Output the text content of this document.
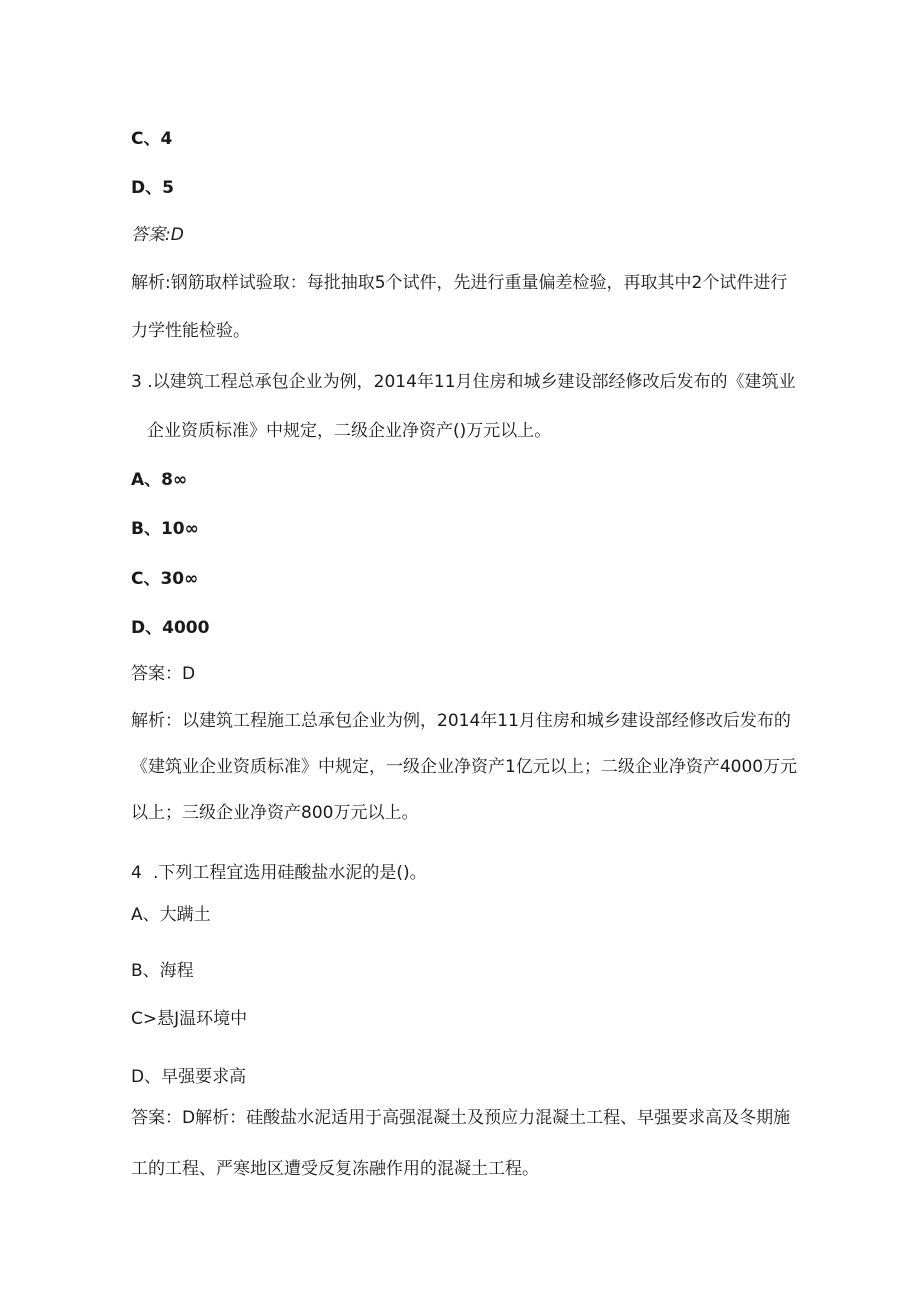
C、4
D、5
答案:D
解析:钢筋取样试验取：每批抽取5个试件，先进行重量偏差检验，再取其中2个试件进行
力学性能检验。
3 .以建筑工程总承包企业为例，2014年11月住房和城乡建设部经修改后发布的《建筑业
企业资质标准》中规定，二级企业净资产()万元以上。
A、8∞
B、10∞
C、30∞
D、4000
答案：D
解析：以建筑工程施工总承包企业为例，2014年11月住房和城乡建设部经修改后发布的
《建筑业企业资质标准》中规定，一级企业净资产1亿元以上；二级企业净资产4000万元
以上；三级企业净资产800万元以上。
4 .下列工程宜选用硅酸盐水泥的是()。
A、大蹒土
B、海程
C>悬J温环境中
D、早强要求高
答案：D解析：硅酸盐水泥适用于高强混凝土及预应力混凝土工程、早强要求高及冬期施
工的工程、严寒地区遭受反复冻融作用的混凝土工程。
